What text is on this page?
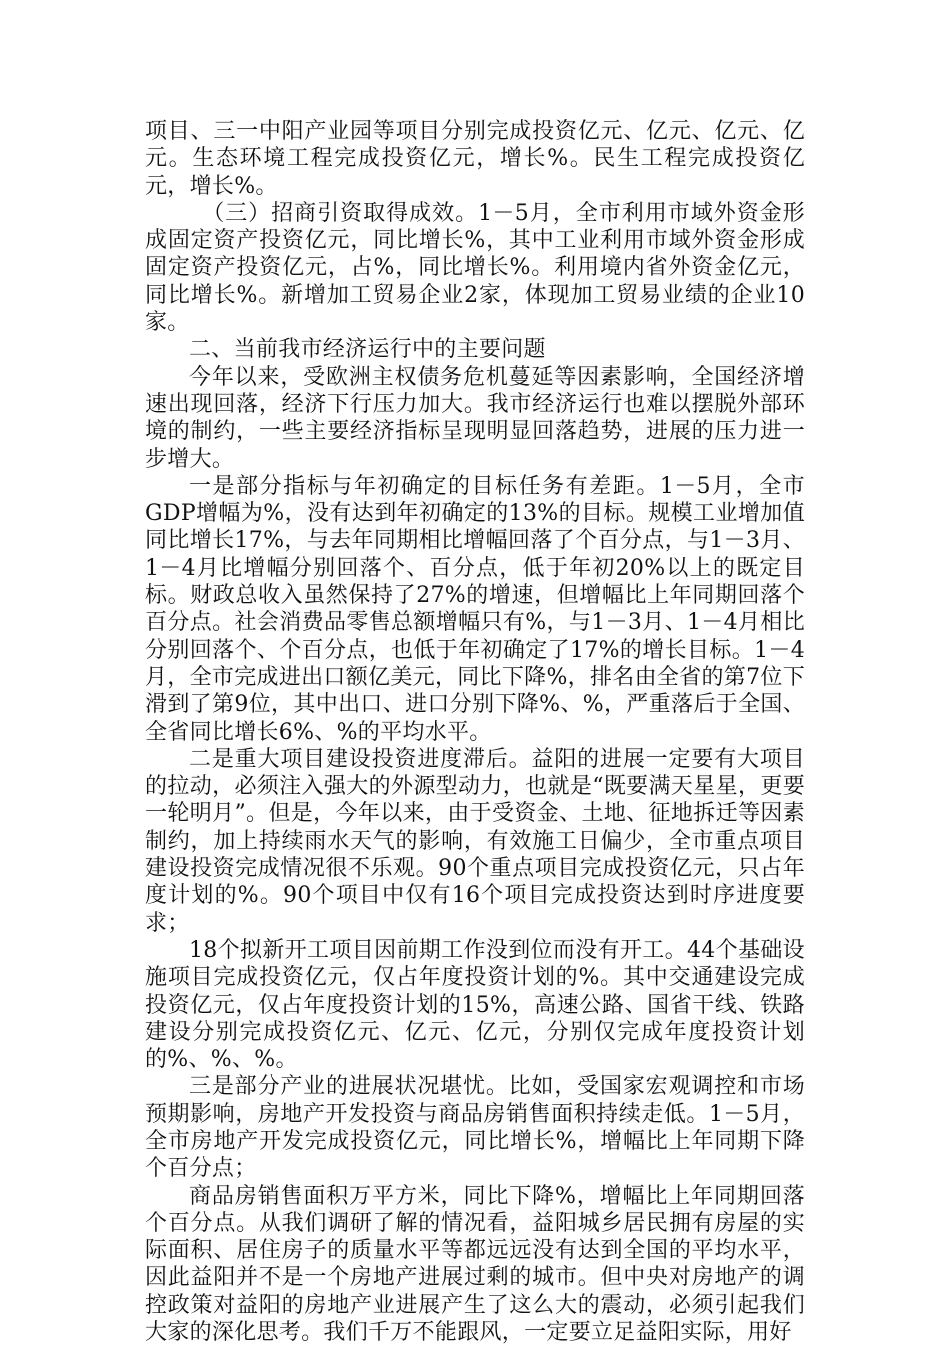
项目、三一中阳产业园等项目分别完成投资亿元、亿元、亿元、亿元。生态环境工程完成投资亿元，增长%。民生工程完成投资亿元，增长%。

（三）招商引资取得成效。1－5月，全市利用市域外资金形成固定资产投资亿元，同比增长%，其中工业利用市域外资金形成固定资产投资亿元，占%，同比增长%。利用境内省外资金亿元，同比增长%。新增加工贸易企业2家，体现加工贸易业绩的企业10家。

二、当前我市经济运行中的主要问题

今年以来，受欧洲主权债务危机蔓延等因素影响，全国经济增速出现回落，经济下行压力加大。我市经济运行也难以摆脱外部环境的制约，一些主要经济指标呈现明显回落趋势，进展的压力进一步增大。

一是部分指标与年初确定的目标任务有差距。1－5月，全市GDP增幅为%，没有达到年初确定的13%的目标。规模工业增加值同比增长17%，与去年同期相比增幅回落了个百分点，与1－3月、1－4月比增幅分别回落个、百分点，低于年初20%以上的既定目标。财政总收入虽然保持了27%的增速，但增幅比上年同期回落个百分点。社会消费品零售总额增幅只有%，与1－3月、1－4月相比分别回落个、个百分点，也低于年初确定了17%的增长目标。1－4月，全市完成进出口额亿美元，同比下降%，排名由全省的第7位下滑到了第9位，其中出口、进口分别下降%、%，严重落后于全国、全省同比增长6%、%的平均水平。

二是重大项目建设投资进度滞后。益阳的进展一定要有大项目的拉动，必须注入强大的外源型动力，也就是“既要满天星星，更要一轮明月”。但是，今年以来，由于受资金、土地、征地拆迁等因素制约，加上持续雨水天气的影响，有效施工日偏少，全市重点项目建设投资完成情况很不乐观。90个重点项目完成投资亿元，只占年度计划的%。90个项目中仅有16个项目完成投资达到时序进度要求；

18个拟新开工项目因前期工作没到位而没有开工。44个基础设施项目完成投资亿元，仅占年度投资计划的%。其中交通建设完成投资亿元，仅占年度投资计划的15%，高速公路、国省干线、铁路建设分别完成投资亿元、亿元、亿元，分别仅完成年度投资计划的%、%、%。

三是部分产业的进展状况堪忧。比如，受国家宏观调控和市场预期影响，房地产开发投资与商品房销售面积持续走低。1－5月，全市房地产开发完成投资亿元，同比增长%，增幅比上年同期下降个百分点；

商品房销售面积万平方米，同比下降%，增幅比上年同期回落个百分点。从我们调研了解的情况看，益阳城乡居民拥有房屋的实际面积、居住房子的质量水平等都远远没有达到全国的平均水平，因此益阳并不是一个房地产进展过剩的城市。但中央对房地产的调控政策对益阳的房地产业进展产生了这么大的震动，必须引起我们大家的深化思考。我们千万不能跟风，一定要立足益阳实际，用好
